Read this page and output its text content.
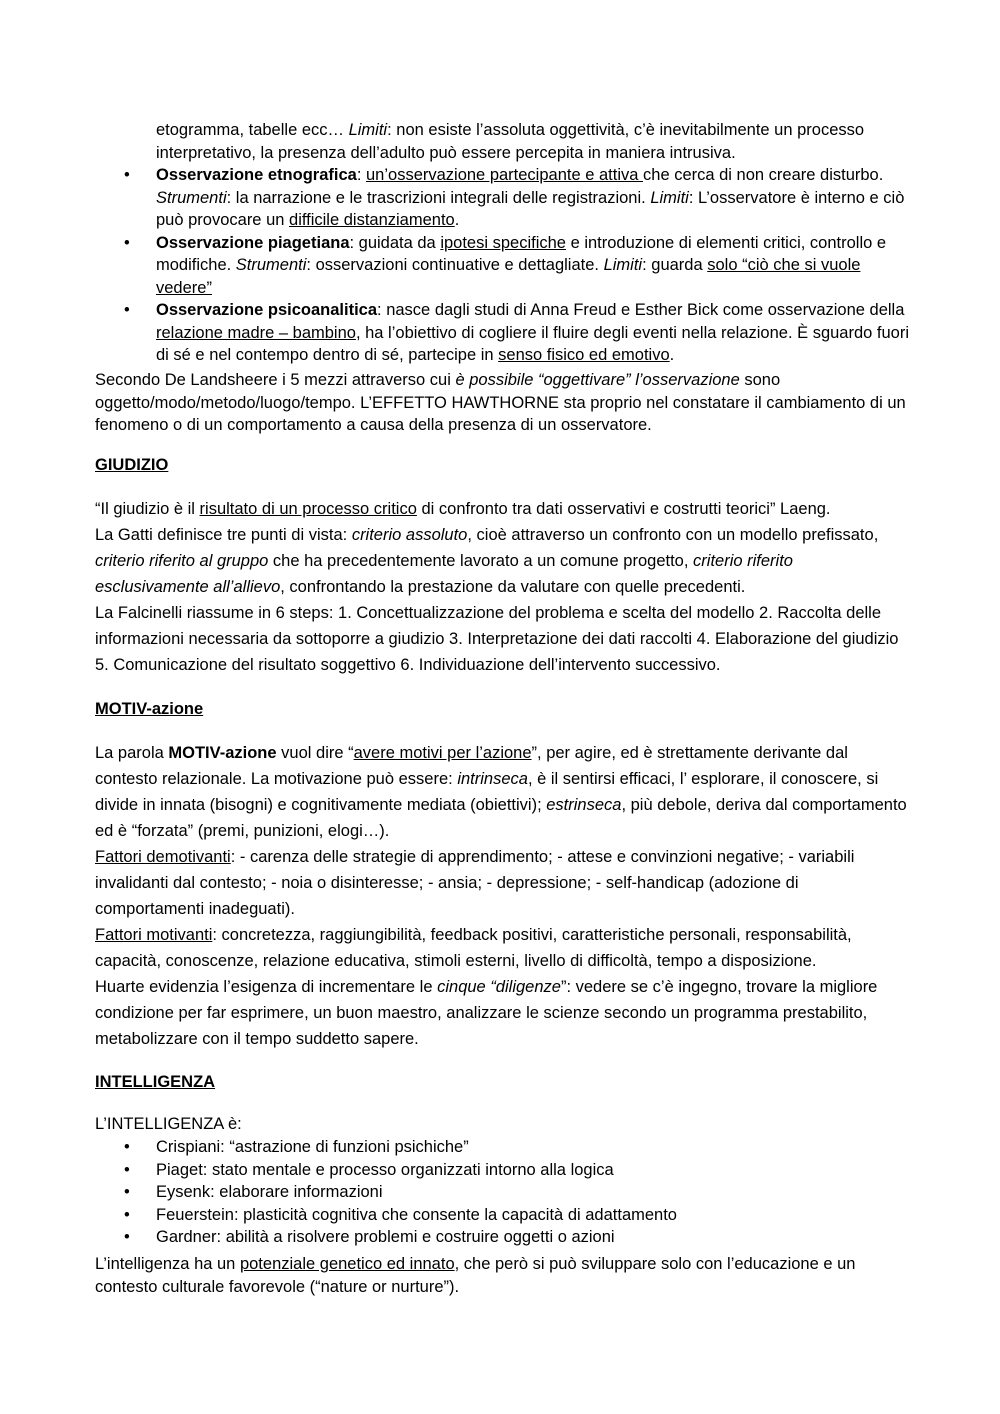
etogramma, tabelle ecc… Limiti: non esiste l’assoluta oggettività, c’è inevitabilmente un processo interpretativo, la presenza dell’adulto può essere percepita in maniera intrusiva.

• Osservazione etnografica: un’osservazione partecipante e attiva che cerca di non creare disturbo. Strumenti: la narrazione e le trascrizioni integrali delle registrazioni. Limiti: L’osservatore è interno e ciò può provocare un difficile distanziamento.
• Osservazione piagetiana: guidata da ipotesi specifiche e introduzione di elementi critici, controllo e modifiche. Strumenti: osservazioni continuative e dettagliate. Limiti: guarda solo “ciò che si vuole vedere”
• Osservazione psicoanalitica: nasce dagli studi di Anna Freud e Esther Bick come osservazione della relazione madre – bambino, ha l’obiettivo di cogliere il fluire degli eventi nella relazione. È sguardo fuori di sé e nel contempo dentro di sé, partecipe in senso fisico ed emotivo.

Secondo De Landsheere i 5 mezzi attraverso cui è possibile “oggettivare” l’osservazione sono oggetto/modo/metodo/luogo/tempo. L’EFFETTO HAWTHORNE sta proprio nel constatare il cambiamento di un fenomeno o di un comportamento a causa della presenza di un osservatore.

GIUDIZIO
“Il giudizio è il risultato di un processo critico di confronto tra dati osservativi e costrutti teorici” Laeng.
La Gatti definisce tre punti di vista: criterio assoluto, cioè attraverso un confronto con un modello prefissato, criterio riferito al gruppo che ha precedentemente lavorato a un comune progetto, criterio riferito esclusivamente all’allievo, confrontando la prestazione da valutare con quelle precedenti.
La Falcinelli riassume in 6 steps: 1. Concettualizzazione del problema e scelta del modello 2. Raccolta delle informazioni necessaria da sottoporre a giudizio 3. Interpretazione dei dati raccolti 4. Elaborazione del giudizio 5. Comunicazione del risultato soggettivo 6. Individuazione dell’intervento successivo.
MOTIV-azione
La parola MOTIV-azione vuol dire “avere motivi per l’azione”, per agire, ed è strettamente derivante dal contesto relazionale. La motivazione può essere: intrinseca, è il sentirsi efficaci, l’ esplorare, il conoscere, si divide in innata (bisogni) e cognitivamente mediata (obiettivi); estrinseca, più debole, deriva dal comportamento ed è “forzata” (premi, punizioni, elogi…).
Fattori demotivanti: - carenza delle strategie di apprendimento; - attese e convinzioni negative; - variabili invalidanti dal contesto; - noia o disinteresse; - ansia; - depressione; - self-handicap (adozione di comportamenti inadeguati).
Fattori motivanti: concretezza, raggiungibilità, feedback positivi, caratteristiche personali, responsabilità, capacità, conoscenze, relazione educativa, stimoli esterni, livello di difficoltà, tempo a disposizione.
Huarte evidenzia l’esigenza di incrementare le cinque “diligenze”: vedere se c’è ingegno, trovare la migliore condizione per far esprimere, un buon maestro, analizzare le scienze secondo un programma prestabilito, metabolizzare con il tempo suddetto sapere.
INTELLIGENZA

L’INTELLIGENZA è:

• Crispiani: “astrazione di funzioni psichiche”
• Piaget: stato mentale e processo organizzati intorno alla logica
• Eysenk: elaborare informazioni
• Feuerstein: plasticità cognitiva che consente la capacità di adattamento
• Gardner: abilità a risolvere problemi e costruire oggetti o azioni

L’intelligenza ha un potenziale genetico ed innato, che però si può sviluppare solo con l’educazione e un contesto culturale favorevole (“nature or nurture”).
